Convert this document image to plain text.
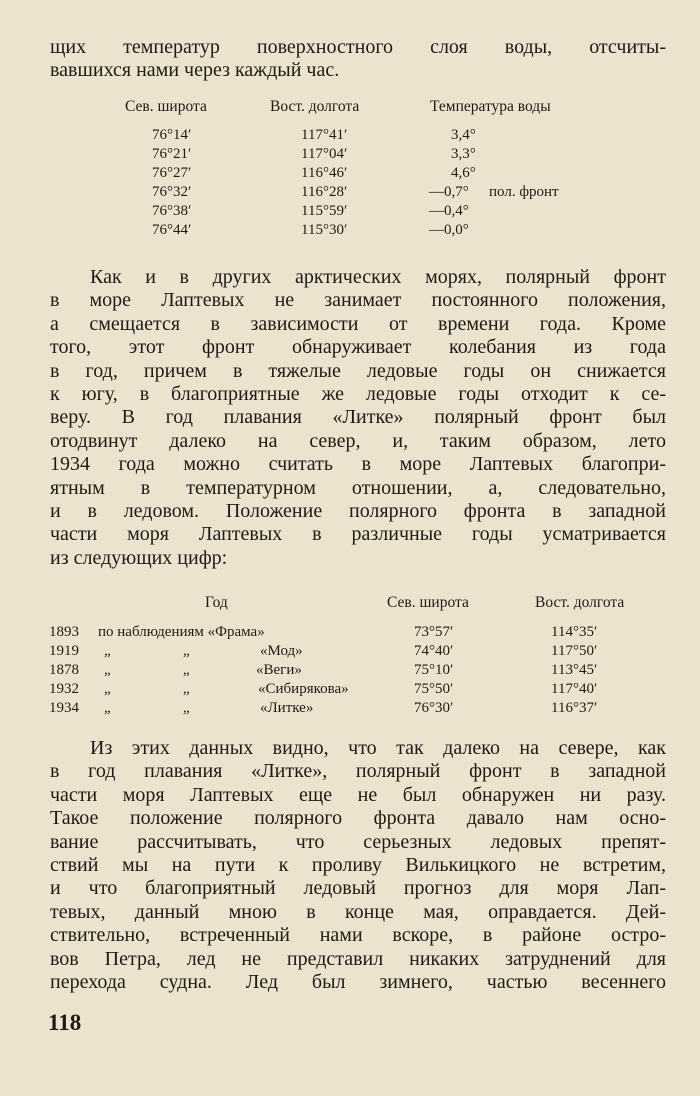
щих температур поверхностного слоя воды, отсчиты-
вавшихся нами через каждый час.
Сев. широта	Вост. долгота	Температура воды
76°14′	117°41′	3,4°
76°21′	117°04′	3,3°
76°27′	116°46′	4,6°
76°32′	116°28′	—0,7° пол. фронт
76°38′	115°59′	—0,4°
76°44′	115°30′	—0,0°
Как и в других арктических морях, полярный фронт
в море Лаптевых не занимает постоянного положения,
а смещается в зависимости от времени года. Кроме
того, этот фронт обнаруживает колебания из года
в год, причем в тяжелые ледовые годы он снижается
к югу, в благоприятные же ледовые годы отходит к се-
веру. В год плавания «Литке» полярный фронт был
отодвинут далеко на север, и, таким образом, лето
1934 года можно считать в море Лаптевых благопри-
ятным в температурном отношении, а, следовательно,
и в ледовом. Положение полярного фронта в западной
части моря Лаптевых в различные годы усматривается
из следующих цифр:
Год	Сев. широта	Вост. долгота
1893 по наблюдениям «Фрама»	73°57′	114°35′
1919 „	„	«Мод»	74°40′	117°50′
1878 „	„	«Веги»	75°10′	113°45′
1932 „	„	«Сибирякова»	75°50′	117°40′
1934 „	„	«Литке»	76°30′	116°37′
Из этих данных видно, что так далеко на севере, как
в год плавания «Литке», полярный фронт в западной
части моря Лаптевых еще не был обнаружен ни разу.
Такое положение полярного фронта давало нам осно-
вание рассчитывать, что серьезных ледовых препят-
ствий мы на пути к проливу Вилькицкого не встретим,
и что благоприятный ледовый прогноз для моря Лап-
тевых, данный мною в конце мая, оправдается. Дей-
ствительно, встреченный нами вскоре, в районе остро-
вов Петра, лед не представил никаких затруднений для
перехода судна. Лед был зимнего, частью весеннего
118
